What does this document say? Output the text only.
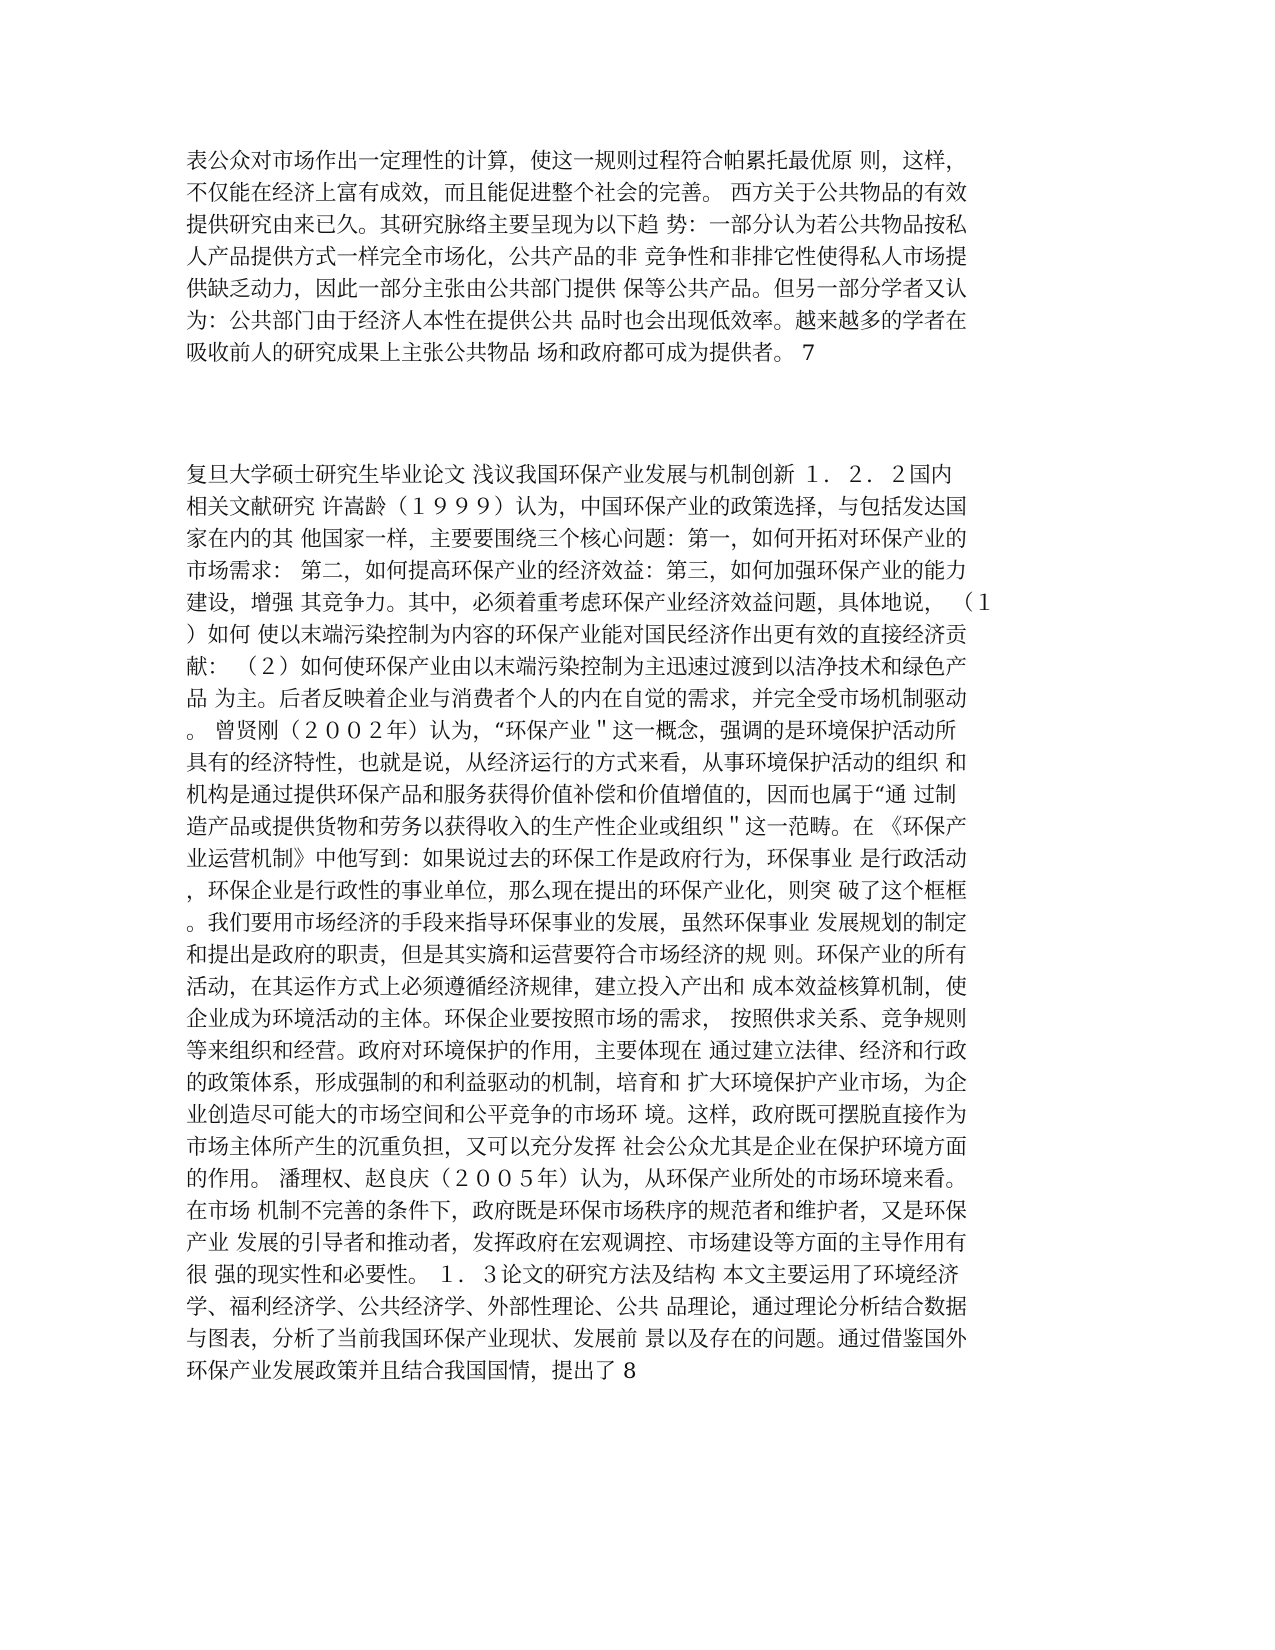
表公众对市场作出一定理性的计算，使这一规则过程符合帕累托最优原 则，这样，
不仅能在经济上富有成效，而且能促进整个社会的完善。 西方关于公共物品的有效
提供研究由来已久。其研究脉络主要呈现为以下趋 势：一部分认为若公共物品按私
人产品提供方式一样完全市场化，公共产品的非 竞争性和非排它性使得私人市场提
供缺乏动力，因此一部分主张由公共部门提供 保等公共产品。但另一部分学者又认
为：公共部门由于经济人本性在提供公共 品时也会出现低效率。越来越多的学者在
吸收前人的研究成果上主张公共物品 场和政府都可成为提供者。 7

复旦大学硕士研究生毕业论文 浅议我国环保产业发展与机制创新 １．２．２国内
相关文献研究 许嵩龄（１９９９）认为，中国环保产业的政策选择，与包括发达国
家在内的其 他国家一样，主要要围绕三个核心问题：第一，如何开拓对环保产业的
市场需求： 第二，如何提高环保产业的经济效益：第三，如何加强环保产业的能力
建设，增强 其竞争力。其中，必须着重考虑环保产业经济效益问题，具体地说， （１
）如何 使以末端污染控制为内容的环保产业能对国民经济作出更有效的直接经济贡
献： （２）如何使环保产业由以末端污染控制为主迅速过渡到以洁净技术和绿色产
品 为主。后者反映着企业与消费者个人的内在自觉的需求，并完全受市场机制驱动
。 曾贤刚（２００２年）认为，“环保产业＂这一概念，强调的是环境保护活动所
具有的经济特性，也就是说，从经济运行的方式来看，从事环境保护活动的组织 和
机构是通过提供环保产品和服务获得价值补偿和价值增值的，因而也属于“通 过制
造产品或提供货物和劳务以获得收入的生产性企业或组织＂这一范畴。在 《环保产
业运营机制》中他写到：如果说过去的环保工作是政府行为，环保事业 是行政活动
，环保企业是行政性的事业单位，那么现在提出的环保产业化，则突 破了这个框框
。我们要用市场经济的手段来指导环保事业的发展，虽然环保事业 发展规划的制定
和提出是政府的职责，但是其实旖和运营要符合市场经济的规 则。环保产业的所有
活动，在其运作方式上必须遵循经济规律，建立投入产出和 成本效益核算机制，使
企业成为环境活动的主体。环保企业要按照市场的需求， 按照供求关系、竞争规则
等来组织和经营。政府对环境保护的作用，主要体现在 通过建立法律、经济和行政
的政策体系，形成强制的和利益驱动的机制，培育和 扩大环境保护产业市场，为企
业创造尽可能大的市场空间和公平竞争的市场环 境。这样，政府既可摆脱直接作为
市场主体所产生的沉重负担，又可以充分发挥 社会公众尤其是企业在保护环境方面
的作用。 潘理权、赵良庆（２００５年）认为，从环保产业所处的市场环境来看。
在市场 机制不完善的条件下，政府既是环保市场秩序的规范者和维护者，又是环保
产业 发展的引导者和推动者，发挥政府在宏观调控、市场建设等方面的主导作用有
很 强的现实性和必要性。 １．３论文的研究方法及结构 本文主要运用了环境经济
学、福利经济学、公共经济学、外部性理论、公共 品理论，通过理论分析结合数据
与图表，分析了当前我国环保产业现状、发展前 景以及存在的问题。通过借鉴国外
环保产业发展政策并且结合我国国情，提出了 8
